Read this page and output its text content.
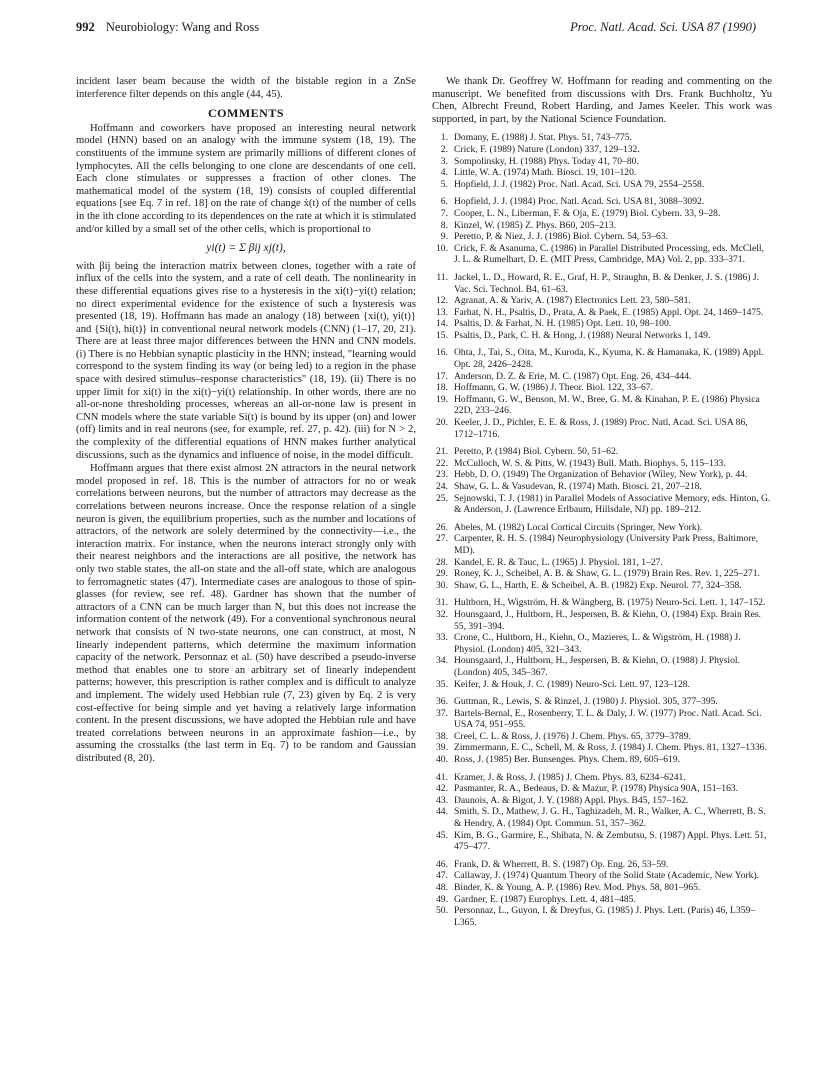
992 Neurobiology: Wang and Ross	Proc. Natl. Acad. Sci. USA 87 (1990)

incident laser beam because the width of the bistable region in a ZnSe interference filter depends on this angle (44, 45).

COMMENTS

Hoffmann and coworkers have proposed an interesting neural network model (HNN) based on an analogy with the immune system (18, 19). The constituents of the immune system are primarily millions of different clones of lymphocytes. All the cells belonging to one clone are descendants of one cell. Each clone stimulates or suppresses a fraction of other clones. The mathematical model of the system (18, 19) consists of coupled differential equations [see Eq. 7 in ref. 18] on the rate of change ẋ(t) of the number of cells in the ith clone according to its dependences on the rate at which it is stimulated and/or killed by a small set of the other cells, which is proportional to

yi(t) = Σ βij xj(t),

with βij being the interaction matrix between clones, together with a rate of influx of the cells into the system, and a rate of cell death. The nonlinearity in these differential equations gives rise to a hysteresis in the xi(t)−yi(t) relation; no direct experimental evidence for the existence of such a hysteresis was presented (18, 19). Hoffmann has made an analogy (18) between {xi(t), yi(t)} and {Si(t), hi(t)} in conventional neural network models (CNN) (1–17, 20, 21). There are at least three major differences between the HNN and CNN models. (i) There is no Hebbian synaptic plasticity in the HNN; instead, "learning would correspond to the system finding its way (or being led) to a region in the phase space with desired stimulus–response characteristics" (18, 19). (ii) There is no upper limit for xi(t) in the xi(t)−yi(t) relationship. In other words, there are no all-or-none thresholding processes, whereas an all-or-none law is present in CNN models where the state variable Si(t) is bound by its upper (on) and lower (off) limits and in real neurons (see, for example, ref. 27, p. 42). (iii) for N > 2, the complexity of the differential equations of HNN makes further analytical discussions, such as the dynamics and influence of noise, in the model difficult.

Hoffmann argues that there exist almost 2N attractors in the neural network model proposed in ref. 18. This is the number of attractors for no or weak correlations between neurons, but the number of attractors may decrease as the correlations between neurons increase. Once the response relation of a single neuron is given, the equilibrium properties, such as the number and locations of attractors, of the network are solely determined by the connectivity—i.e., the interaction matrix. For instance, when the neurons interact strongly only with their nearest neighbors and the interactions are all positive, the network has only two stable states, the all-on state and the all-off state, which are analogous to ferromagnetic states (47). Intermediate cases are analogous to those of spin-glasses (for review, see ref. 48). Gardner has shown that the number of attractors of a CNN can be much larger than N, but this does not increase the information content of the network (49). For a conventional synchronous neural network that consists of N two-state neurons, one can construct, at most, N linearly independent patterns, which determine the maximum information capacity of the network. Personnaz et al. (50) have described a pseudo-inverse method that enables one to store an arbitrary set of linearly independent patterns; however, this prescription is rather complex and is difficult to analyze and implement. The widely used Hebbian rule (7, 23) given by Eq. 2 is very cost-effective for being simple and yet having a relatively large information content. In the present discussions, we have adopted the Hebbian rule and have treated correlations between neurons in an approximate fashion—i.e., by assuming the crosstalks (the last term in Eq. 7) to be random and Gaussian distributed (8, 20).

We thank Dr. Geoffrey W. Hoffmann for reading and commenting on the manuscript. We benefited from discussions with Drs. Frank Buchholtz, Yu Chen, Albrecht Freund, Robert Harding, and James Keeler. This work was supported, in part, by the National Science Foundation.

1. Domany, E. (1988) J. Stat. Phys. 51, 743–775.
2. Crick, F. (1989) Nature (London) 337, 129–132.
3. Sompolinsky, H. (1988) Phys. Today 41, 70–80.
4. Little, W. A. (1974) Math. Biosci. 19, 101–120.
5. Hopfield, J. J. (1982) Proc. Natl. Acad. Sci. USA 79, 2554–2558.
6. Hopfield, J. J. (1984) Proc. Natl. Acad. Sci. USA 81, 3088–3092.
7. Cooper, L. N., Liberman, F. & Oja, E. (1979) Biol. Cybern. 33, 9–28.
8. Kinzel, W. (1985) Z. Phys. B60, 205–213.
9. Peretto, P. & Niez, J. J. (1986) Biol. Cybern. 54, 53–63.
10. Crick, F. & Asanuma, C. (1986) in Parallel Distributed Processing, eds. McClell, J. L. & Rumelhart, D. E. (MIT Press, Cambridge, MA) Vol. 2, pp. 333–371.
11. Jackel, L. D., Howard, R. E., Graf, H. P., Straughn, B. & Denker, J. S. (1986) J. Vac. Sci. Technol. B4, 61–63.
12. Agranat, A. & Yariv, A. (1987) Electronics Lett. 23, 580–581.
13. Farhat, N. H., Psaltis, D., Prata, A. & Paek, E. (1985) Appl. Opt. 24, 1469–1475.
14. Psaltis, D. & Farhat, N. H. (1985) Opt. Lett. 10, 98–100.
15. Psaltis, D., Park, C. H. & Hong, J. (1988) Neural Networks 1, 149.
16. Ohta, J., Tai, S., Oita, M., Kuroda, K., Kyuma, K. & Hamanaka, K. (1989) Appl. Opt. 28, 2426–2428.
17. Anderson, D. Z. & Erie, M. C. (1987) Opt. Eng. 26, 434–444.
18. Hoffmann, G. W. (1986) J. Theor. Biol. 122, 33–67.
19. Hoffmann, G. W., Benson, M. W., Bree, G. M. & Kinahan, P. E. (1986) Physica 22D, 233–246.
20. Keeler, J. D., Pichler, E. E. & Ross, J. (1989) Proc. Natl. Acad. Sci. USA 86, 1712–1716.
21. Peretto, P. (1984) Biol. Cybern. 50, 51–62.
22. McCulloch, W. S. & Pitts, W. (1943) Bull. Math. Biophys. 5, 115–133.
23. Hebb, D. O. (1949) The Organization of Behavior (Wiley, New York), p. 44.
24. Shaw, G. L. & Vasudevan, R. (1974) Math. Biosci. 21, 207–218.
25. Sejnowski, T. J. (1981) in Parallel Models of Associative Memory, eds. Hinton, G. & Anderson, J. (Lawrence Erlbaum, Hillsdale, NJ) pp. 189–212.
26. Abeles, M. (1982) Local Cortical Circuits (Springer, New York).
27. Carpenter, R. H. S. (1984) Neurophysiology (University Park Press, Baltimore, MD).
28. Kandel, E. R. & Tauc, L. (1965) J. Physiol. 181, 1–27.
29. Roney, K. J., Scheibel, A. B. & Shaw, G. L. (1979) Brain Res. Rev. 1, 225–271.
30. Shaw, G. L., Harth, E. & Scheibel, A. B. (1982) Exp. Neurol. 77, 324–358.
31. Hultborn, H., Wigström, H. & Wängberg, B. (1975) Neuro-Sci. Lett. 1, 147–152.
32. Hounsgaard, J., Hultborn, H., Jespersen, B. & Kiehn, O. (1984) Exp. Brain Res. 55, 391–394.
33. Crone, C., Hultborn, H., Kiehn, O., Mazieres, L. & Wigström, H. (1988) J. Physiol. (London) 405, 321–343.
34. Hounsgaard, J., Hultborn, H., Jespersen, B. & Kiehn, O. (1988) J. Physiol. (London) 405, 345–367.
35. Keifer, J. & Houk, J. C. (1989) Neuro-Sci. Lett. 97, 123–128.
36. Guttman, R., Lewis, S. & Rinzel, J. (1980) J. Physiol. 305, 377–395.
37. Bartels-Bernal, E., Rosenberry, T. L. & Daly, J. W. (1977) Proc. Natl. Acad. Sci. USA 74, 951–955.
38. Creel, C. L. & Ross, J. (1976) J. Chem. Phys. 65, 3779–3789.
39. Zimmermann, E. C., Schell, M. & Ross, J. (1984) J. Chem. Phys. 81, 1327–1336.
40. Ross, J. (1985) Ber. Bunsenges. Phys. Chem. 89, 605–619.
41. Kramer, J. & Ross, J. (1985) J. Chem. Phys. 83, 6234–6241.
42. Pasmanter, R. A., Bedeaus, D. & Mazur, P. (1978) Physica 90A, 151–163.
43. Daunois, A. & Bigot, J. Y. (1988) Appl. Phys. B45, 157–162.
44. Smith, S. D., Mathew, J. G. H., Taghizadeh, M. R., Walker, A. C., Wherrett, B. S. & Hendry, A. (1984) Opt. Commun. 51, 357–362.
45. Kim, B. G., Garmire, E., Shibata, N. & Zembutsu, S. (1987) Appl. Phys. Lett. 51, 475–477.
46. Frank, D. & Wherrett, B. S. (1987) Op. Eng. 26, 53–59.
47. Callaway, J. (1974) Quantum Theory of the Solid State (Academic, New York).
48. Binder, K. & Young, A. P. (1986) Rev. Mod. Phys. 58, 801–965.
49. Gardner, E. (1987) Europhys. Lett. 4, 481–485.
50. Personnaz, L., Guyon, I. & Dreyfus, G. (1985) J. Phys. Lett. (Paris) 46, L359–L365.
